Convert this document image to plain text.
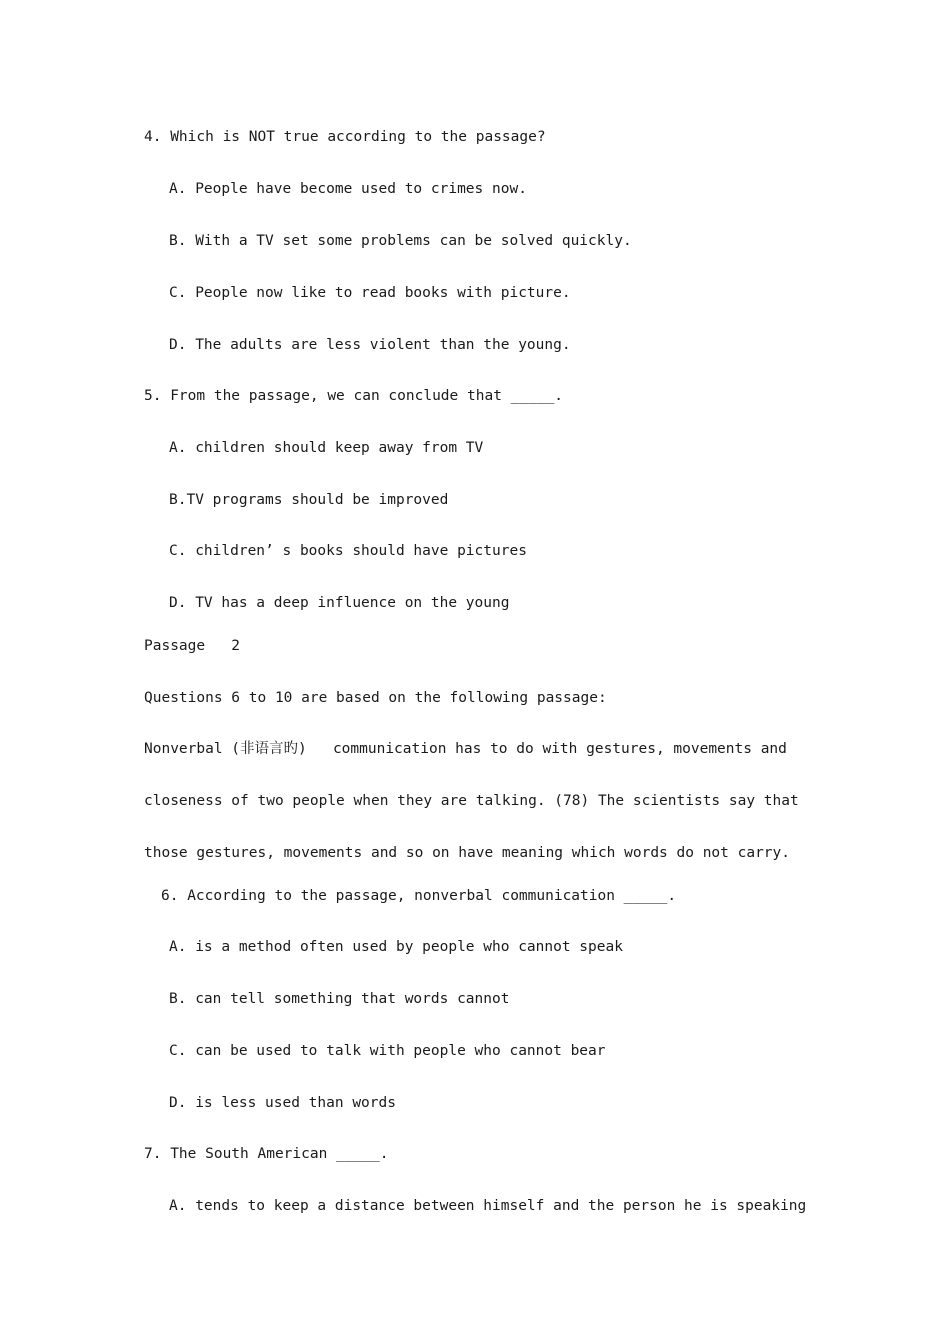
4. Which is NOT true according to the passage?
A. People have become used to crimes now.
B. With a TV set some problems can be solved quickly.
C. People now like to read books with picture.
D. The adults are less violent than the young.
5. From the passage, we can conclude that _____.
A. children should keep away from TV
B.TV programs should be improved
C. children’ s books should have pictures
D. TV has a deep influence on the young
Passage   2
Questions 6 to 10 are based on the following passage:
Nonverbal (非语言旳)   communication has to do with gestures, movements and
closeness of two people when they are talking. (78) The scientists say that
those gestures, movements and so on have meaning which words do not carry.
6. According to the passage, nonverbal communication _____.
A. is a method often used by people who cannot speak
B. can tell something that words cannot
C. can be used to talk with people who cannot bear
D. is less used than words
7. The South American _____.
A. tends to keep a distance between himself and the person he is speaking
